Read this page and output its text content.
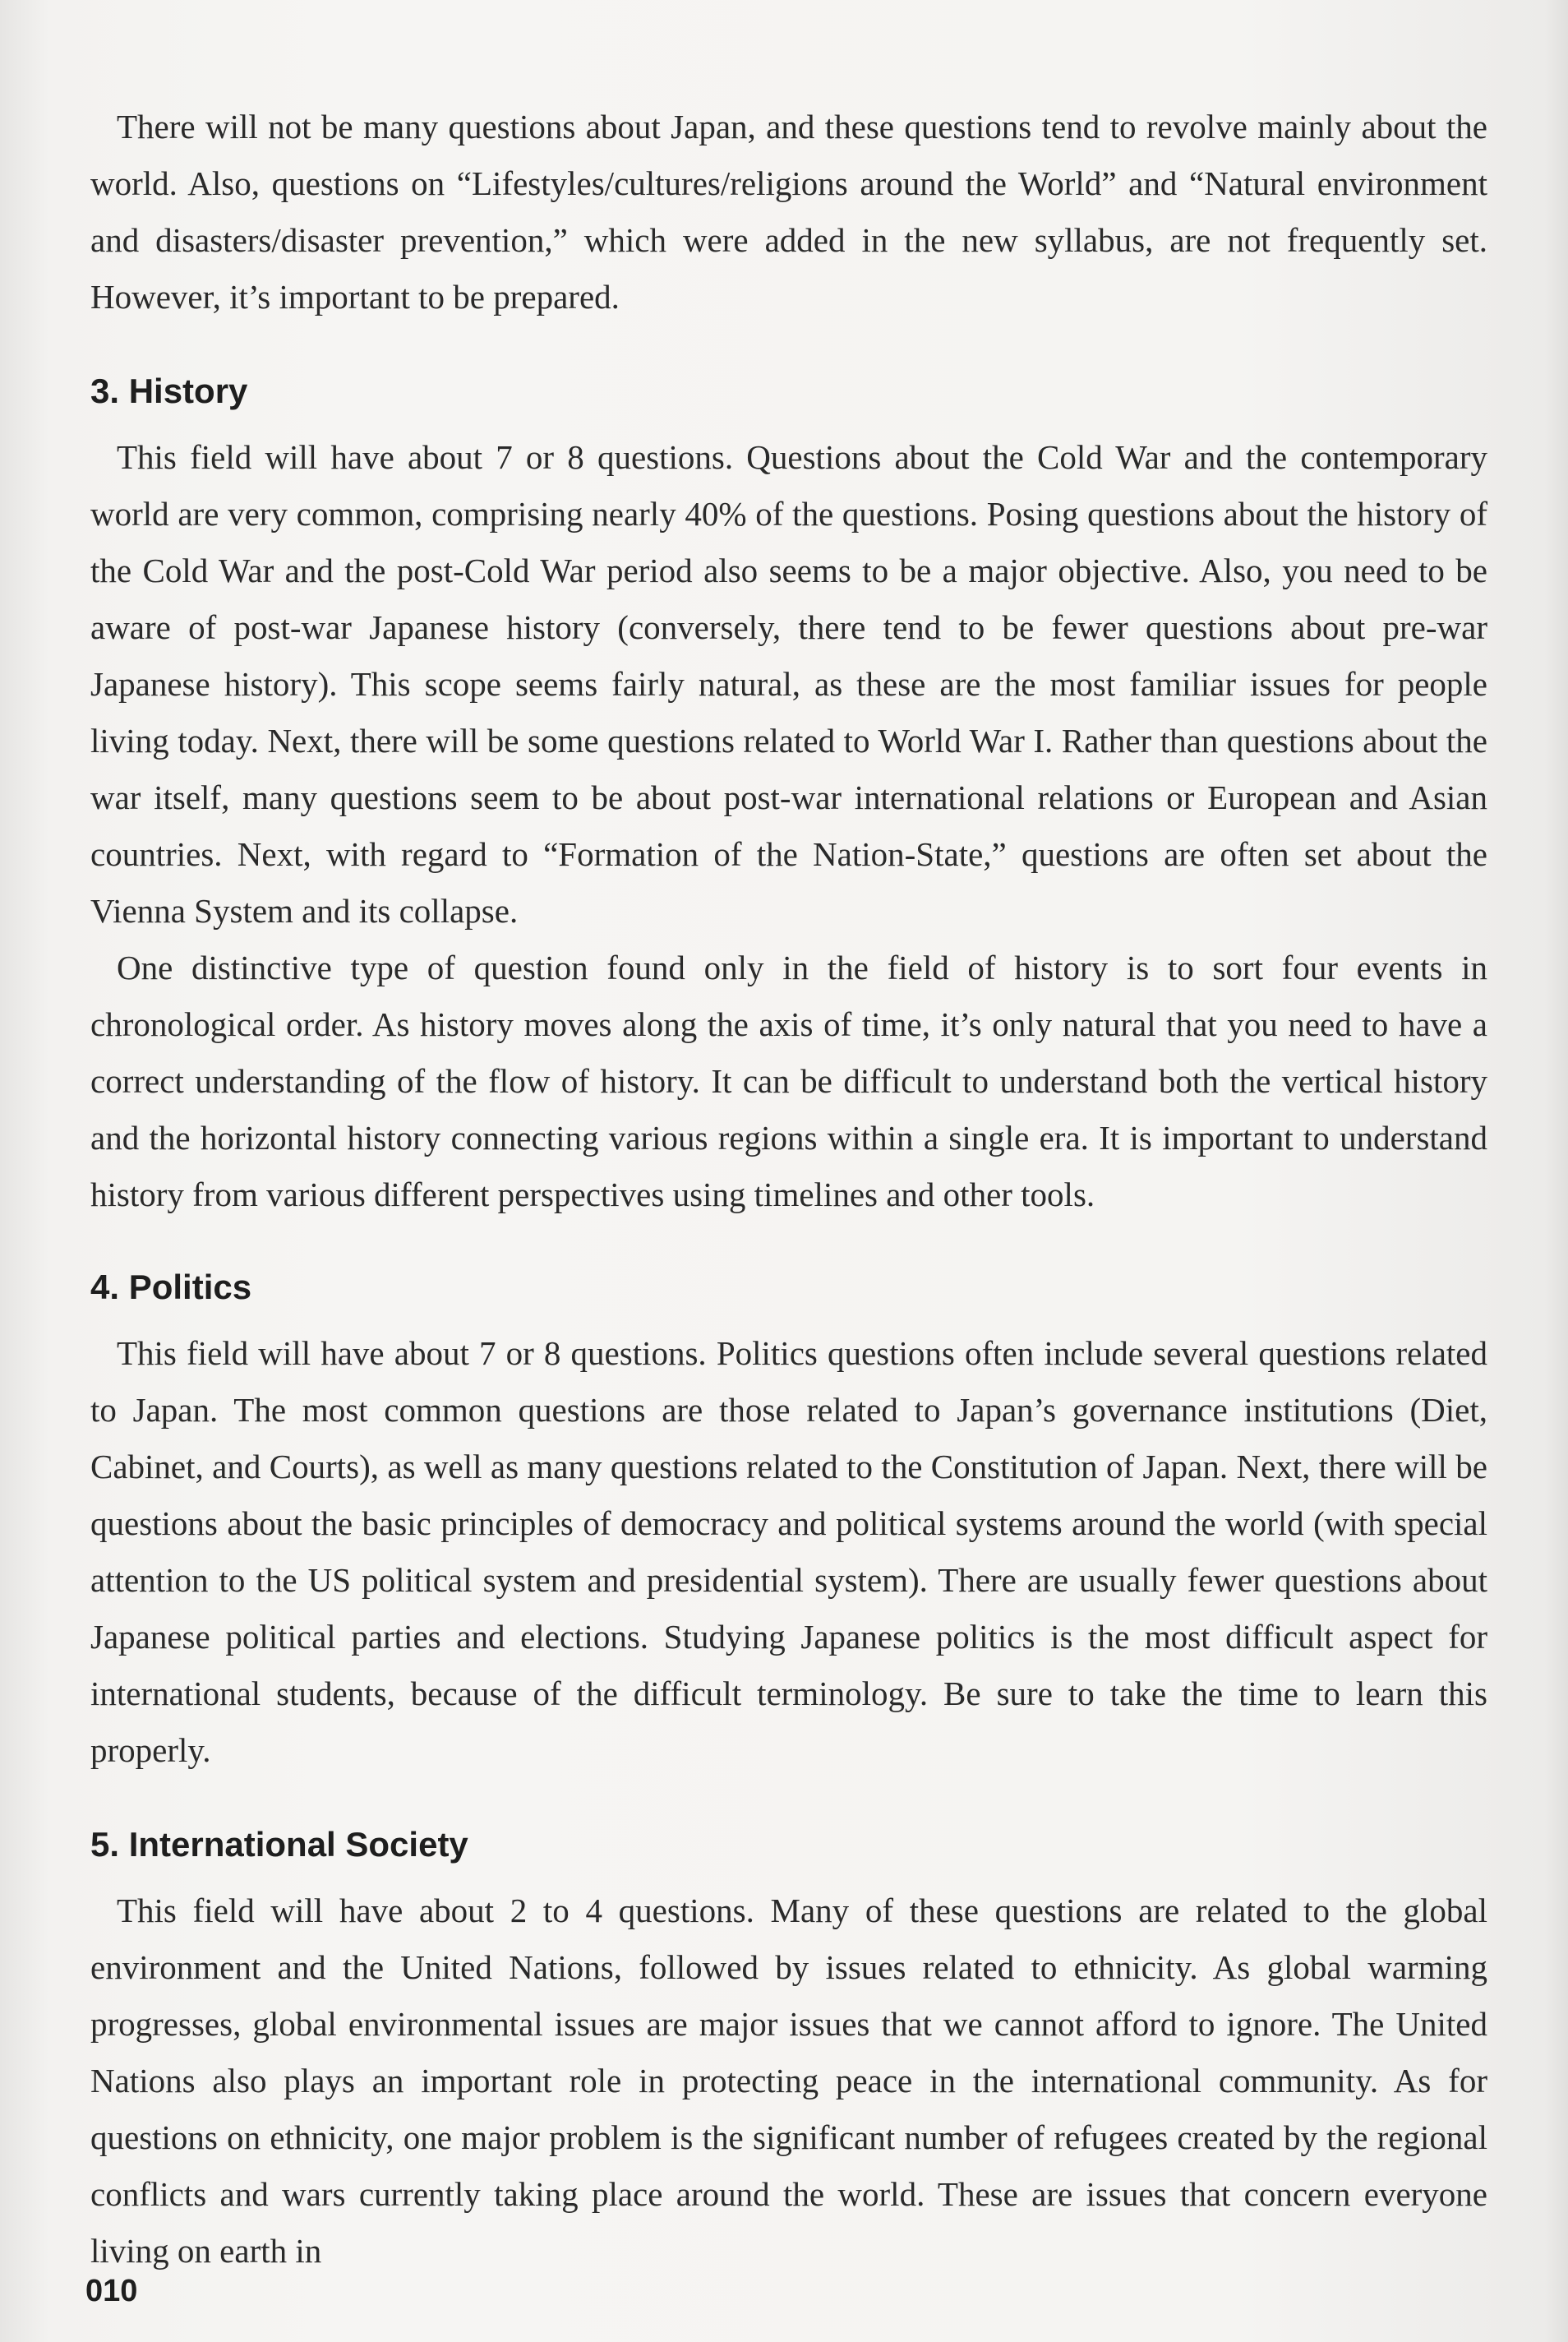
There will not be many questions about Japan, and these questions tend to revolve mainly about the world. Also, questions on “Lifestyles/cultures/religions around the World” and “Natural environment and disasters/disaster prevention,” which were added in the new syllabus, are not frequently set. However, it’s important to be prepared.

3. History

This field will have about 7 or 8 questions. Questions about the Cold War and the contemporary world are very common, comprising nearly 40% of the questions. Posing questions about the history of the Cold War and the post-Cold War period also seems to be a major objective. Also, you need to be aware of post-war Japanese history (conversely, there tend to be fewer questions about pre-war Japanese history). This scope seems fairly natural, as these are the most familiar issues for people living today. Next, there will be some questions related to World War I. Rather than questions about the war itself, many questions seem to be about post-war international relations or European and Asian countries. Next, with regard to “Formation of the Nation-State,” questions are often set about the Vienna System and its collapse.

One distinctive type of question found only in the field of history is to sort four events in chronological order. As history moves along the axis of time, it’s only natural that you need to have a correct understanding of the flow of history. It can be difficult to understand both the vertical history and the horizontal history connecting various regions within a single era. It is important to understand history from various different perspectives using timelines and other tools.

4. Politics

This field will have about 7 or 8 questions. Politics questions often include several questions related to Japan. The most common questions are those related to Japan’s governance institutions (Diet, Cabinet, and Courts), as well as many questions related to the Constitution of Japan. Next, there will be questions about the basic principles of democracy and political systems around the world (with special attention to the US political system and presidential system). There are usually fewer questions about Japanese political parties and elections. Studying Japanese politics is the most difficult aspect for international students, because of the difficult terminology. Be sure to take the time to learn this properly.

5. International Society

This field will have about 2 to 4 questions. Many of these questions are related to the global environment and the United Nations, followed by issues related to ethnicity. As global warming progresses, global environmental issues are major issues that we cannot afford to ignore. The United Nations also plays an important role in protecting peace in the international community. As for questions on ethnicity, one major problem is the significant number of refugees created by the regional conflicts and wars currently taking place around the world. These are issues that concern everyone living on earth in

010
